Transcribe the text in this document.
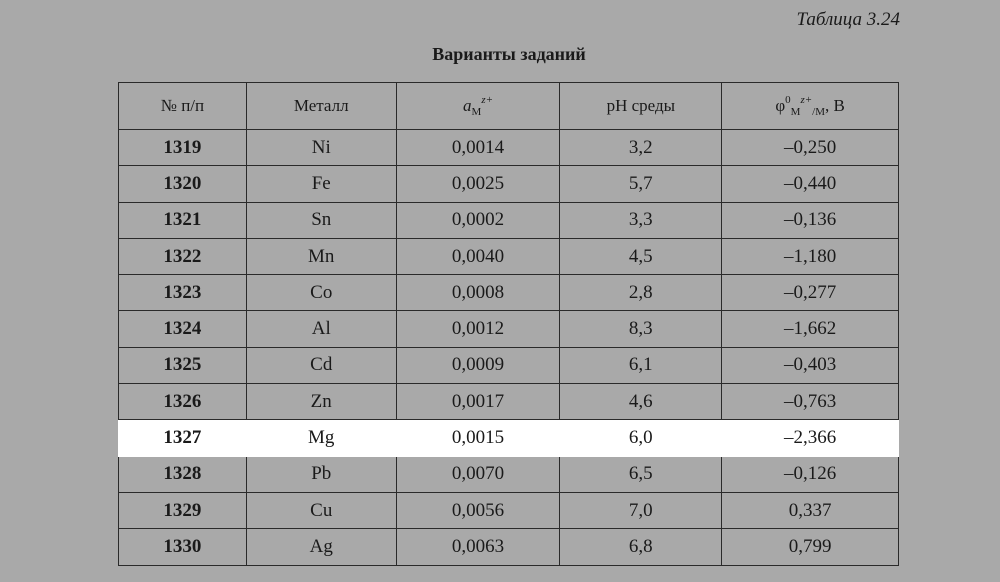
Таблица 3.24
Варианты заданий
№ п/п	Металл	$a_M^{z+}$	pH среды	$\varphi^0_M^{z+}_{/M}$, В
1319	Ni	0,0014	3,2	–0,250
1320	Fe	0,0025	5,7	–0,440
1321	Sn	0,0002	3,3	–0,136
1322	Mn	0,0040	4,5	–1,180
1323	Co	0,0008	2,8	–0,277
1324	Al	0,0012	8,3	–1,662
1325	Cd	0,0009	6,1	–0,403
1326	Zn	0,0017	4,6	–0,763
1327	Mg	0,0015	6,0	–2,366
1328	Pb	0,0070	6,5	–0,126
1329	Cu	0,0056	7,0	0,337
1330	Ag	0,0063	6,8	0,799
